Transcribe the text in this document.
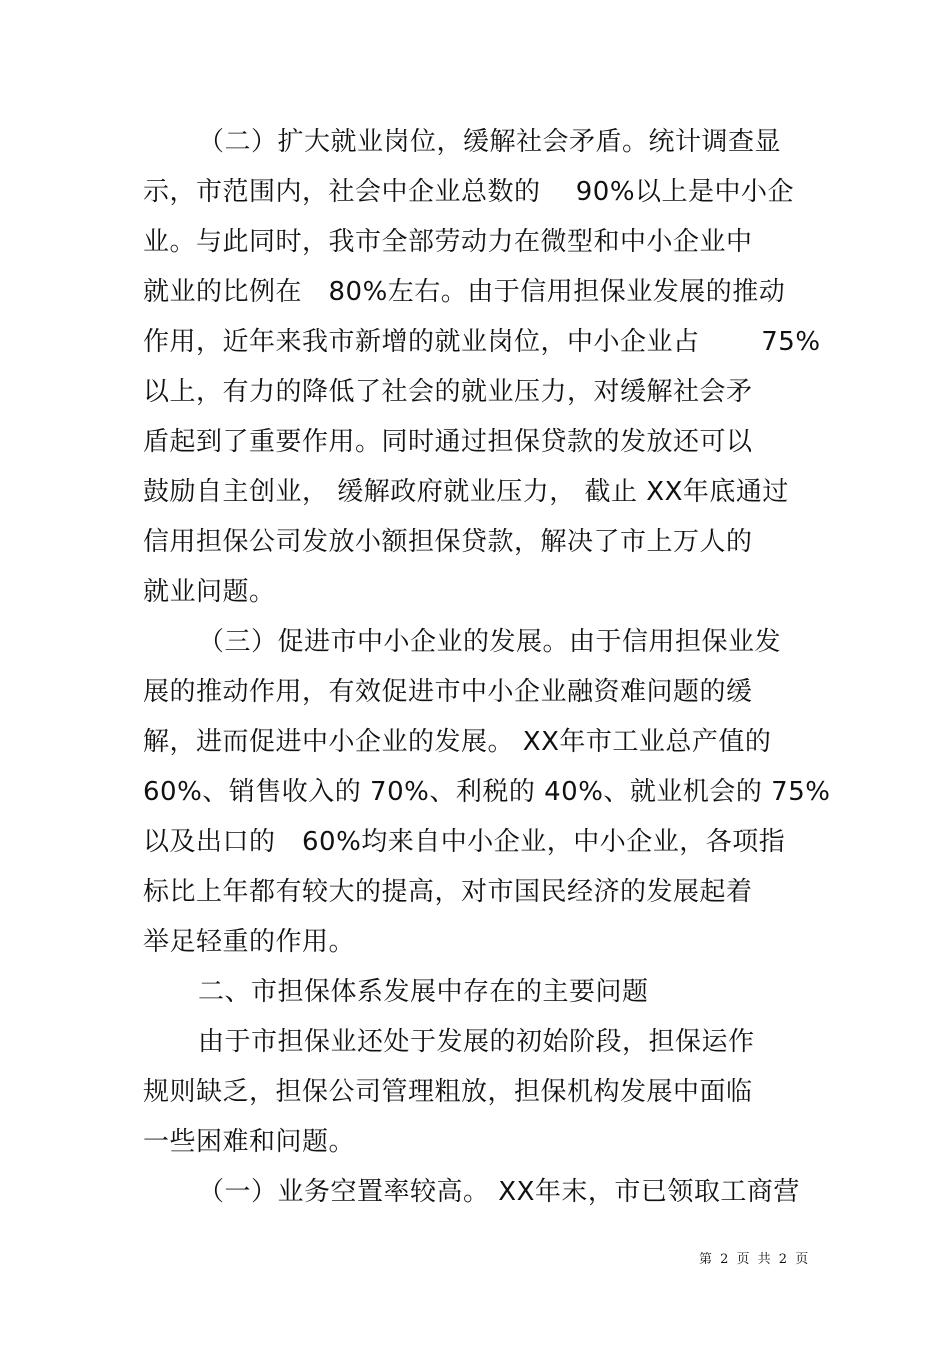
（二）扩大就业岗位，缓解社会矛盾。统计调查显
示，市范围内，社会中企业总数的　 90%以上是中小企
业。与此同时，我市全部劳动力在微型和中小企业中
就业的比例在　80%左右。由于信用担保业发展的推动
作用，近年来我市新增的就业岗位，中小企业占　　 75%
以上，有力的降低了社会的就业压力，对缓解社会矛
盾起到了重要作用。同时通过担保贷款的发放还可以
鼓励自主创业， 缓解政府就业压力， 截止 XX年底通过
信用担保公司发放小额担保贷款，解决了市上万人的
就业问题。
（三）促进市中小企业的发展。由于信用担保业发
展的推动作用，有效促进市中小企业融资难问题的缓
解，进而促进中小企业的发展。 XX年市工业总产值的
60%、销售收入的 70%、利税的 40%、就业机会的 75%
以及出口的　60%均来自中小企业，中小企业，各项指
标比上年都有较大的提高，对市国民经济的发展起着
举足轻重的作用。
二、市担保体系发展中存在的主要问题
由于市担保业还处于发展的初始阶段，担保运作
规则缺乏，担保公司管理粗放，担保机构发展中面临
一些困难和问题。
（一）业务空置率较高。 XX年末，市已领取工商营
第 2 页 共 2 页
